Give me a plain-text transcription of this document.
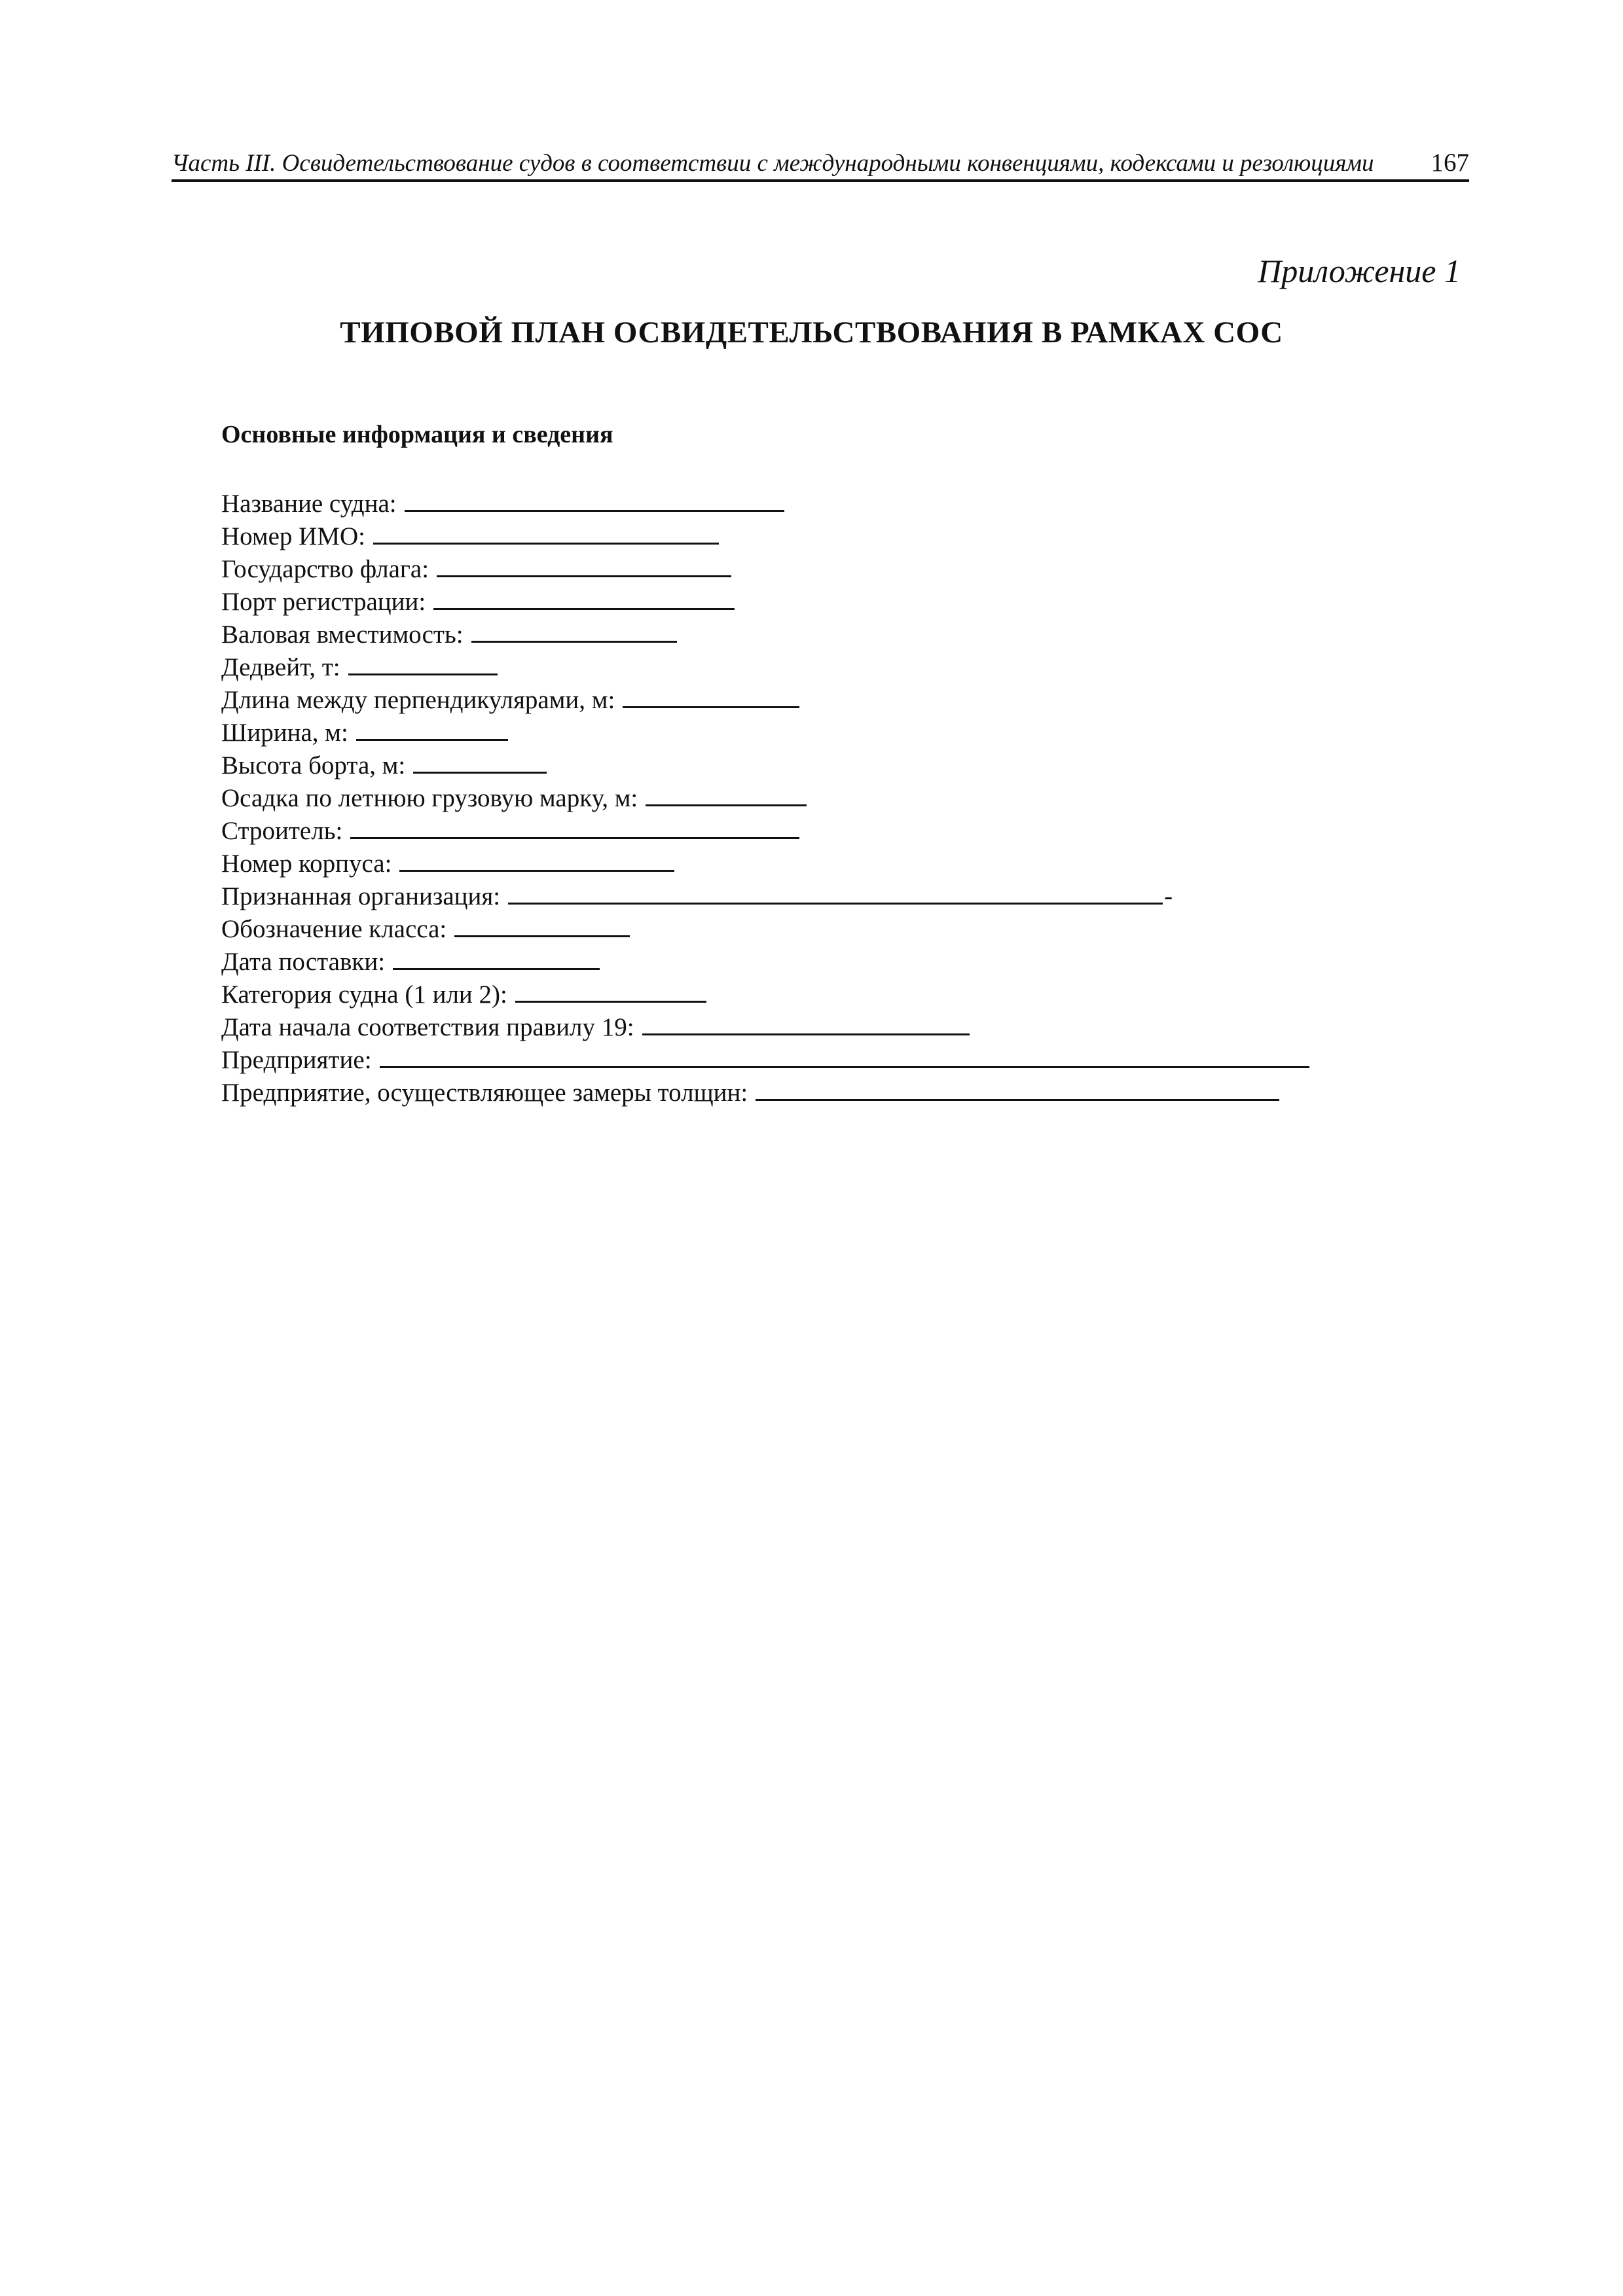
Часть III. Освидетельствование судов в соответствии с международными конвенциями, кодексами и резолюциями 167
Приложение 1
ТИПОВОЙ ПЛАН ОСВИДЕТЕЛЬСТВОВАНИЯ В РАМКАХ СОС
Основные информация и сведения
Название судна:
Номер ИМО:
Государство флага:
Порт регистрации:
Валовая вместимость:
Дедвейт, т:
Длина между перпендикулярами, м:
Ширина, м:
Высота борта, м:
Осадка по летнюю грузовую марку, м:
Строитель:
Номер корпуса:
Признанная организация:	-
Обозначение класса:
Дата поставки:
Категория судна (1 или 2):
Дата начала соответствия правилу 19:
Предприятие:
Предприятие, осуществляющее замеры толщин:
